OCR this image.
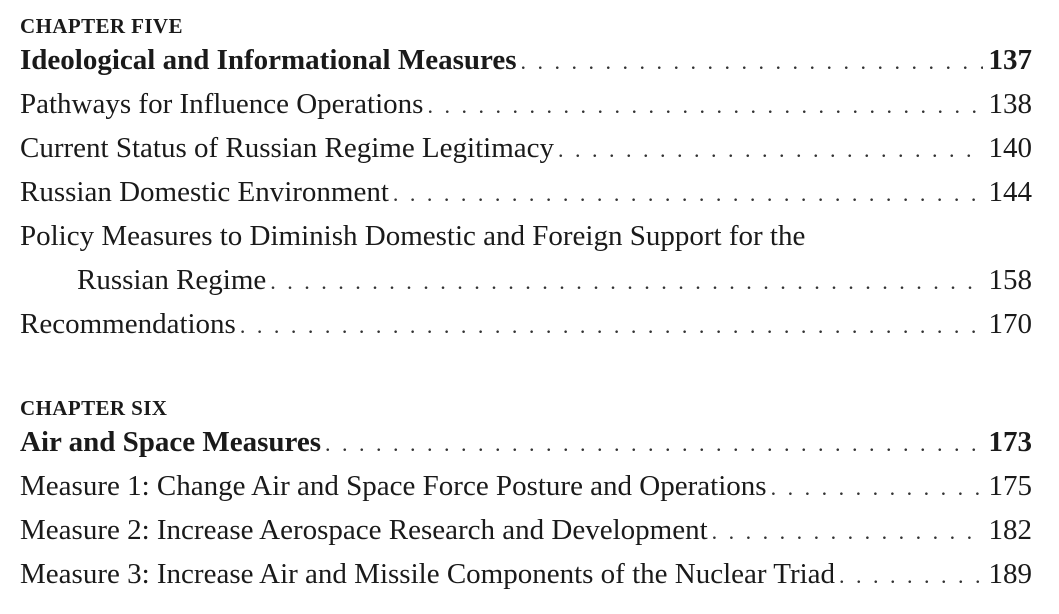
CHAPTER FIVE
Ideological and Informational Measures . . .	137
Pathways for Influence Operations . . .	138
Current Status of Russian Regime Legitimacy . . .	140
Russian Domestic Environment . . .	144
Policy Measures to Diminish Domestic and Foreign Support for the
Russian Regime . . .	158
Recommendations . . .	170
CHAPTER SIX
Air and Space Measures . . .	173
Measure 1: Change Air and Space Force Posture and Operations . . .	175
Measure 2: Increase Aerospace Research and Development . . .	182
Measure 3: Increase Air and Missile Components of the Nuclear Triad . . .	189
